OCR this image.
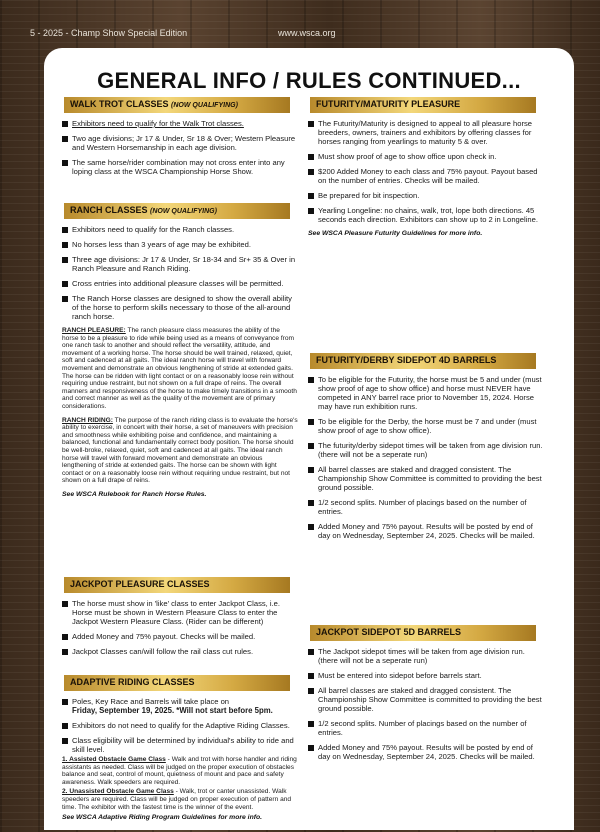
5 - 2025 - Champ Show Special Edition	www.wsca.org
GENERAL INFO / RULES CONTINUED...
WALK TROT CLASSES (NOW QUALIFYING)
Exhibitors need to qualify for the Walk Trot classes.
Two age divisions; Jr 17 & Under, Sr 18 & Over; Western Pleasure and Western Horsemanship in each age division.
The same horse/rider combination may not cross enter into any loping class at the WSCA Championship Horse Show.
RANCH CLASSES (NOW QUALIFYING)
Exhibitors need to qualify for the Ranch classes.
No horses less than 3 years of age may be exhibited.
Three age divisions: Jr 17 & Under, Sr 18-34 and Sr+ 35 & Over in Ranch Pleasure and Ranch Riding.
Cross entries into additional pleasure classes will be permitted.
The Ranch Horse classes are designed to show the overall ability of the horse to perform skills necessary to those of the all-around ranch horse.
RANCH PLEASURE: The ranch pleasure class measures the ability of the horse to be a pleasure to ride while being used as a means of conveyance from one ranch task to another and should reflect the versatility, attitude, and movement of a working horse. The horse should be well trained, relaxed, quiet, soft and cadenced at all gaits. The ideal ranch horse will travel with forward movement and demonstrate an obvious lengthening of stride at extended gaits. The horse can be ridden with light contact or on a reasonably loose rein without requiring undue restraint, but not shown on a full drape of reins. The overall manners and responsiveness of the horse to make timely transitions in a smooth and correct manner as well as the quality of the movement are of primary considerations.
RANCH RIDING: The purpose of the ranch riding class is to evaluate the horse's ability to exercise, in concert with their horse, a set of maneuvers with precision and smoothness while exhibiting poise and confidence, and maintaining a balanced, functional and fundamentally correct body position. The horse should be well-broke, relaxed, quiet, soft and cadenced at all gaits. The ideal ranch horse will travel with forward movement and demonstrate an obvious lengthening of stride at extended gaits. The horse can be shown with light contact or on a reasonably loose rein without requiring undue restraint, but not shown on a full drape of reins.
See WSCA Rulebook for Ranch Horse Rules.
JACKPOT PLEASURE CLASSES
The horse must show in 'like' class to enter Jackpot Class, i.e. Horse must be shown in Western Pleasure Class to enter the Jackpot Western Pleasure Class. (Rider can be different)
Added Money and 75% payout. Checks will be mailed.
Jackpot Classes can/will follow the rail class cut rules.
ADAPTIVE RIDING CLASSES
Poles, Key Race and Barrels will take place on
Friday, September 19, 2025. *Will not start before 5pm.
Exhibitors do not need to qualify for the Adaptive Riding Classes.
Class eligibility will be determined by individual's ability to ride and skill level.
1. Assisted Obstacle Game Class - Walk and trot with horse handler and riding assistants as needed. Class will be judged on the proper execution of obstacles balance and seat, control of mount, quietness of mount and pace and safety awareness. Walk speeders are required.
2. Unassisted Obstacle Game Class - Walk, trot or canter unassisted. Walk speeders are required. Class will be judged on proper execution of pattern and time. The exhibitor with the fastest time is the winner of the event.
See WSCA Adaptive Riding Program Guidelines for more info.
FUTURITY/MATURITY PLEASURE
The Futurity/Maturity is designed to appeal to all pleasure horse breeders, owners, trainers and exhibitors by offering classes for horses ranging from yearlings to maturity 5 & over.
Must show proof of age to show office upon check in.
$200 Added Money to each class and 75% payout. Payout based on the number of entries. Checks will be mailed.
Be prepared for bit inspection.
Yearling Longeline: no chains, walk, trot, lope both directions. 45 seconds each direction. Exhibitors can show up to 2 in Longeline.
See WSCA Pleasure Futurity Guidelines for more info.
FUTURITY/DERBY SIDEPOT 4D BARRELS
To be eligible for the Futurity, the horse must be 5 and under (must show proof of age to show office) and horse must NEVER have competed in ANY barrel race prior to November 15, 2024. Horse may have run exhibition runs.
To be eligible for the Derby, the horse must be 7 and under (must show proof of age to show office).
The futurity/derby sidepot times will be taken from age division run. (there will not be a seperate run)
All barrel classes are staked and dragged consistent. The Championship Show Committee is committed to providing the best ground possible.
1/2 second splits. Number of placings based on the number of entries.
Added Money and 75% payout. Results will be posted by end of day on Wednesday, September 24, 2025. Checks will be mailed.
JACKPOT SIDEPOT 5D BARRELS
The Jackpot sidepot times will be taken from age division run. (there will not be a seperate run)
Must be entered into sidepot before barrels start.
All barrel classes are staked and dragged consistent. The Championship Show Committee is committed to providing the best ground possible.
1/2 second splits. Number of placings based on the number of entries.
Added Money and 75% payout. Results will be posted by end of day on Wednesday, September 24, 2025. Checks will be mailed.
